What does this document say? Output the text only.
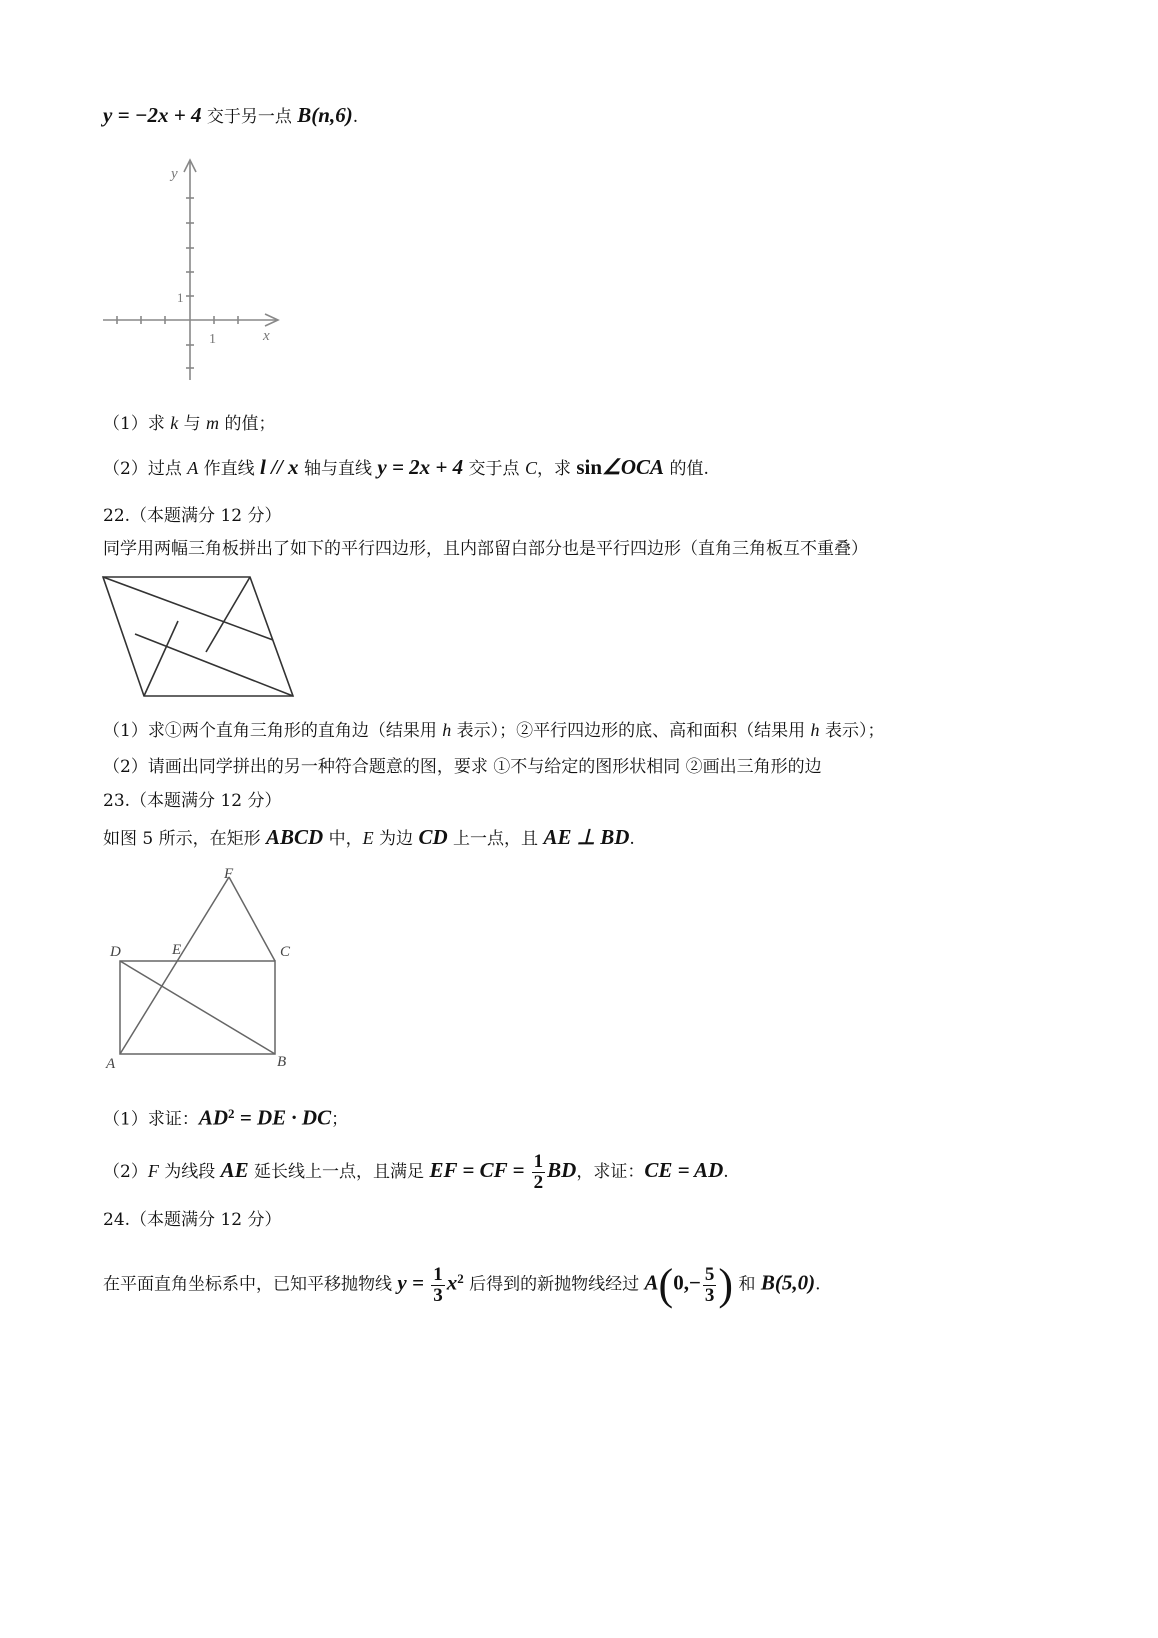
y = −2x + 4 交于另一点 B(n,6).
y
x
1
1
（1）求 k 与 m 的值；
（2）过点 A 作直线 l // x 轴与直线 y = 2x + 4 交于点 C，求 sin∠OCA 的值.
22.（本题满分 12 分）
同学用两幅三角板拼出了如下的平行四边形，且内部留白部分也是平行四边形（直角三角板互不重叠）
（1）求①两个直角三角形的直角边（结果用 h 表示）；②平行四边形的底、高和面积（结果用 h 表示）；
（2）请画出同学拼出的另一种符合题意的图，要求 ①不与给定的图形状相同 ②画出三角形的边
23.（本题满分 12 分）
如图 5 所示，在矩形 ABCD 中，E 为边 CD 上一点，且 AE ⊥ BD.
F
D	E	C
A	B
（1）求证：$AD^2$ = DE · DC；
（2）F 为线段 AE 延长线上一点，且满足 EF = CF = $\frac{1}{2}$ BD，求证：CE = AD.
24.（本题满分 12 分）
在平面直角坐标系中，已知平移抛物线 $y = \frac{1}{3} x^2$ 后得到的新抛物线经过 $A(0,- \frac{5}{3}$ ) 和 B(5,0).
